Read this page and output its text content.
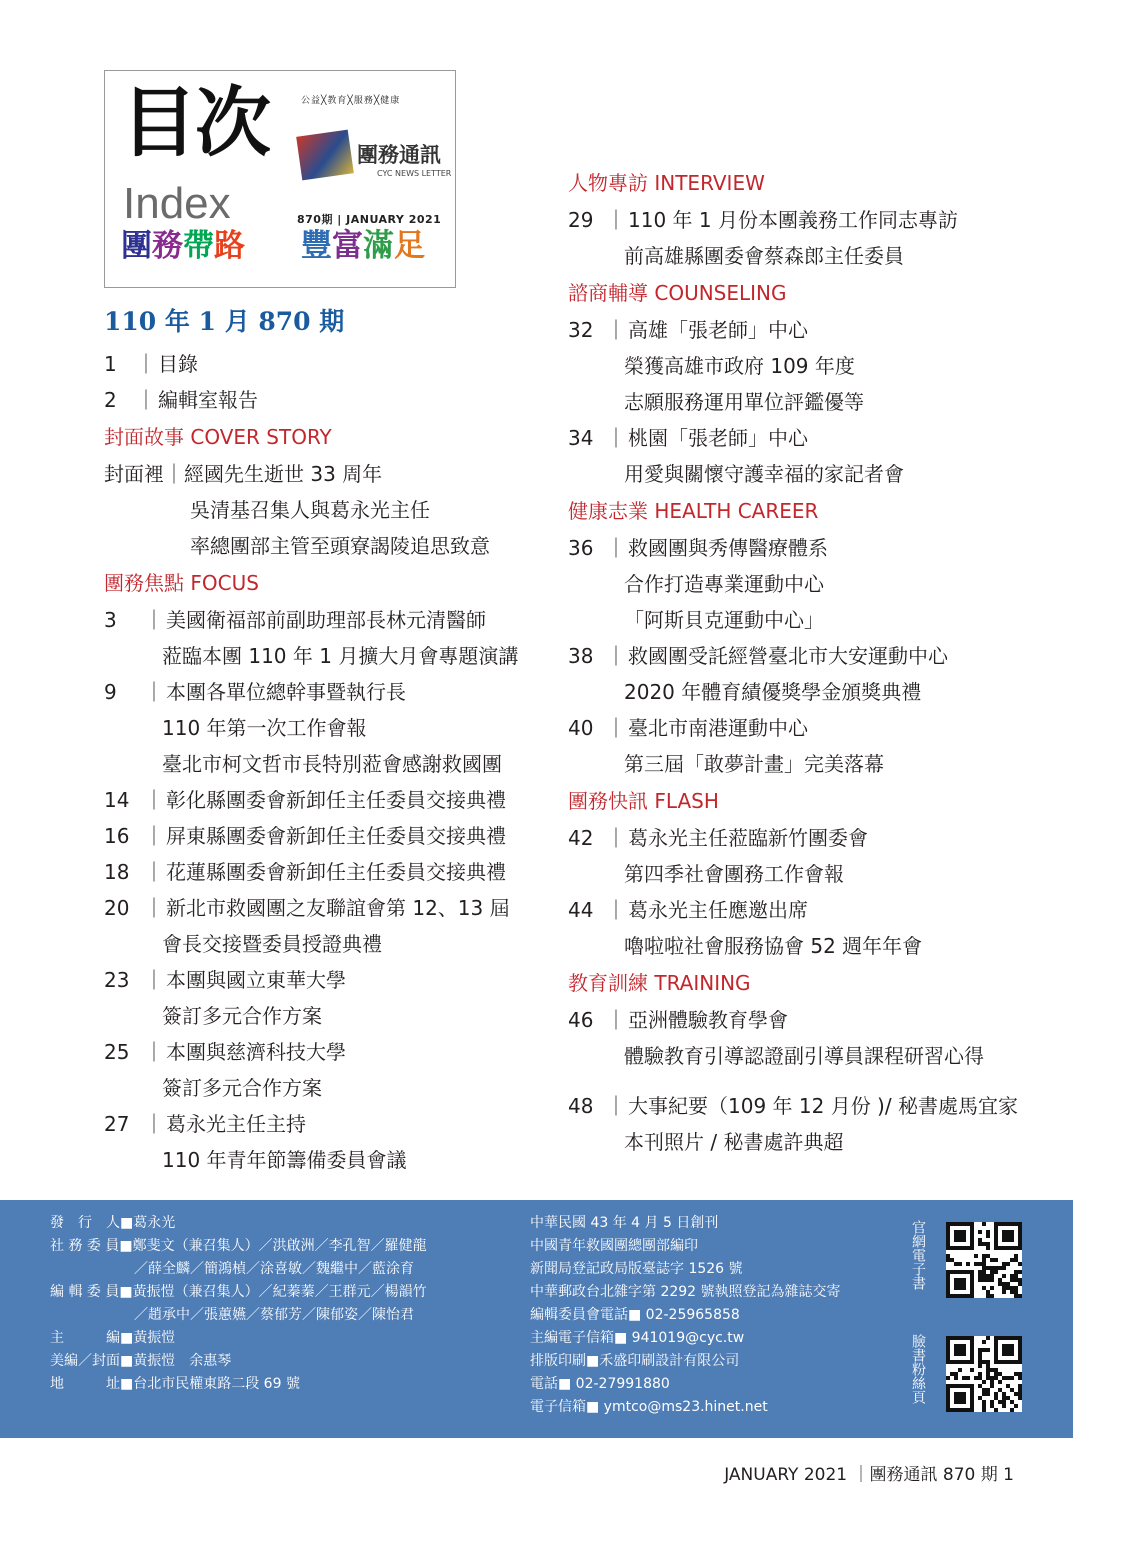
目次	公益╳教育╳服務╳健康
團務通訊
CYC NEWS LETTER
Index	870期 | JANUARY 2021
團務帶路 豐富滿足
110 年 1 月 870 期
1 ｜ 目錄
2 ｜ 編輯室報告
封面故事 COVER STORY
封面裡｜經國先生逝世 33 周年
吳清基召集人與葛永光主任
率總團部主管至頭寮謁陵追思致意
團務焦點 FOCUS
3 ｜ 美國衛福部前副助理部長林元清醫師
蒞臨本團 110 年 1 月擴大月會專題演講
9 ｜ 本團各單位總幹事暨執行長
110 年第一次工作會報
臺北市柯文哲市長特別蒞會感謝救國團
14 ｜ 彰化縣團委會新卸任主任委員交接典禮
16 ｜ 屏東縣團委會新卸任主任委員交接典禮
18 ｜ 花蓮縣團委會新卸任主任委員交接典禮
20 ｜ 新北市救國團之友聯誼會第 12、13 屆
會長交接暨委員授證典禮
23 ｜ 本團與國立東華大學
簽訂多元合作方案
25 ｜ 本團與慈濟科技大學
簽訂多元合作方案
27 ｜ 葛永光主任主持
110 年青年節籌備委員會議
人物專訪 INTERVIEW
29 ｜ 110 年 1 月份本團義務工作同志專訪
前高雄縣團委會蔡森郎主任委員
諮商輔導 COUNSELING
32 ｜ 高雄「張老師」中心
榮獲高雄市政府 109 年度
志願服務運用單位評鑑優等
34 ｜ 桃園「張老師」中心
用愛與關懷守護幸福的家記者會
健康志業 HEALTH CAREER
36 ｜ 救國團與秀傳醫療體系
合作打造專業運動中心
「阿斯貝克運動中心」
38 ｜ 救國團受託經營臺北市大安運動中心
2020 年體育績優獎學金頒獎典禮
40 ｜ 臺北市南港運動中心
第三屆「敢夢計畫」完美落幕
團務快訊 FLASH
42 ｜ 葛永光主任蒞臨新竹團委會
第四季社會團務工作會報
44 ｜ 葛永光主任應邀出席
嚕啦啦社會服務協會 52 週年年會
教育訓練 TRAINING
46 ｜ 亞洲體驗教育學會
體驗教育引導認證副引導員課程研習心得
48 ｜ 大事紀要（109 年 12 月份 )/ 秘書處馬宜家
本刊照片 / 秘書處許典超
發　行　人■葛永光
社 務 委 員■鄭斐文（兼召集人）／洪啟洲／李孔智／羅健龍
　　　　　　／薛全麟／簡鴻楨／涂喜敏／魏繼中／藍涂育
編 輯 委 員■黃振愷（兼召集人）／紀蓁蓁／王群元／楊韻竹
　　　　　　／趙承中／張蕙嬿／蔡郁芳／陳郁姿／陳怡君
主　　　編■黃振愷
美編／封面■黃振愷　余惠琴
地　　　址■台北市民權東路二段 69 號
中華民國 43 年 4 月 5 日創刊
中國青年救國團總團部編印
新聞局登記政局版臺誌字 1526 號
中華郵政台北雜字第 2292 號執照登記為雜誌交寄
編輯委員會電話■ 02-25965858
主編電子信箱■ 941019@cyc.tw
排版印刷■禾盛印刷設計有限公司
電話■ 02-27991880
電子信箱■ ymtco@ms23.hinet.net
官網電子書
臉書粉絲頁
JANUARY 2021 ｜團務通訊 870 期 1
